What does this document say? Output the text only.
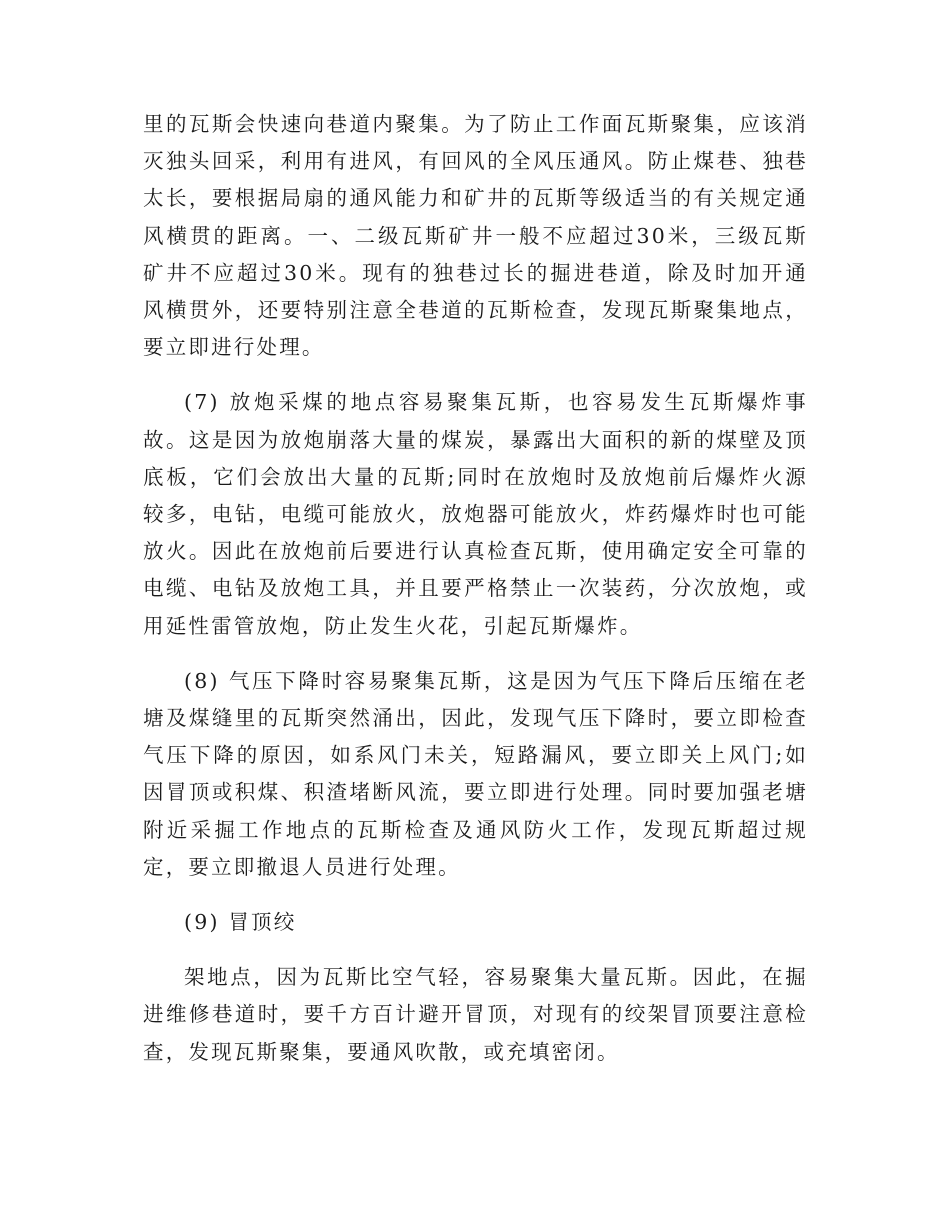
里的瓦斯会快速向巷道内聚集。为了防止工作面瓦斯聚集，应该消灭独头回采，利用有进风，有回风的全风压通风。防止煤巷、独巷太长，要根据局扇的通风能力和矿井的瓦斯等级适当的有关规定通风横贯的距离。一、二级瓦斯矿井一般不应超过30米，三级瓦斯矿井不应超过30米。现有的独巷过长的掘进巷道，除及时加开通风横贯外，还要特别注意全巷道的瓦斯检查，发现瓦斯聚集地点，要立即进行处理。

(7) 放炮采煤的地点容易聚集瓦斯，也容易发生瓦斯爆炸事故。这是因为放炮崩落大量的煤炭，暴露出大面积的新的煤壁及顶底板，它们会放出大量的瓦斯;同时在放炮时及放炮前后爆炸火源较多，电钻，电缆可能放火，放炮器可能放火，炸药爆炸时也可能放火。因此在放炮前后要进行认真检查瓦斯，使用确定安全可靠的电缆、电钻及放炮工具，并且要严格禁止一次装药，分次放炮，或用延性雷管放炮，防止发生火花，引起瓦斯爆炸。

(8) 气压下降时容易聚集瓦斯，这是因为气压下降后压缩在老塘及煤缝里的瓦斯突然涌出，因此，发现气压下降时，要立即检查气压下降的原因，如系风门未关，短路漏风，要立即关上风门;如因冒顶或积煤、积渣堵断风流，要立即进行处理。同时要加强老塘附近采掘工作地点的瓦斯检查及通风防火工作，发现瓦斯超过规定，要立即撤退人员进行处理。

(9) 冒顶绞

架地点，因为瓦斯比空气轻，容易聚集大量瓦斯。因此，在掘进维修巷道时，要千方百计避开冒顶，对现有的绞架冒顶要注意检查，发现瓦斯聚集，要通风吹散，或充填密闭。
